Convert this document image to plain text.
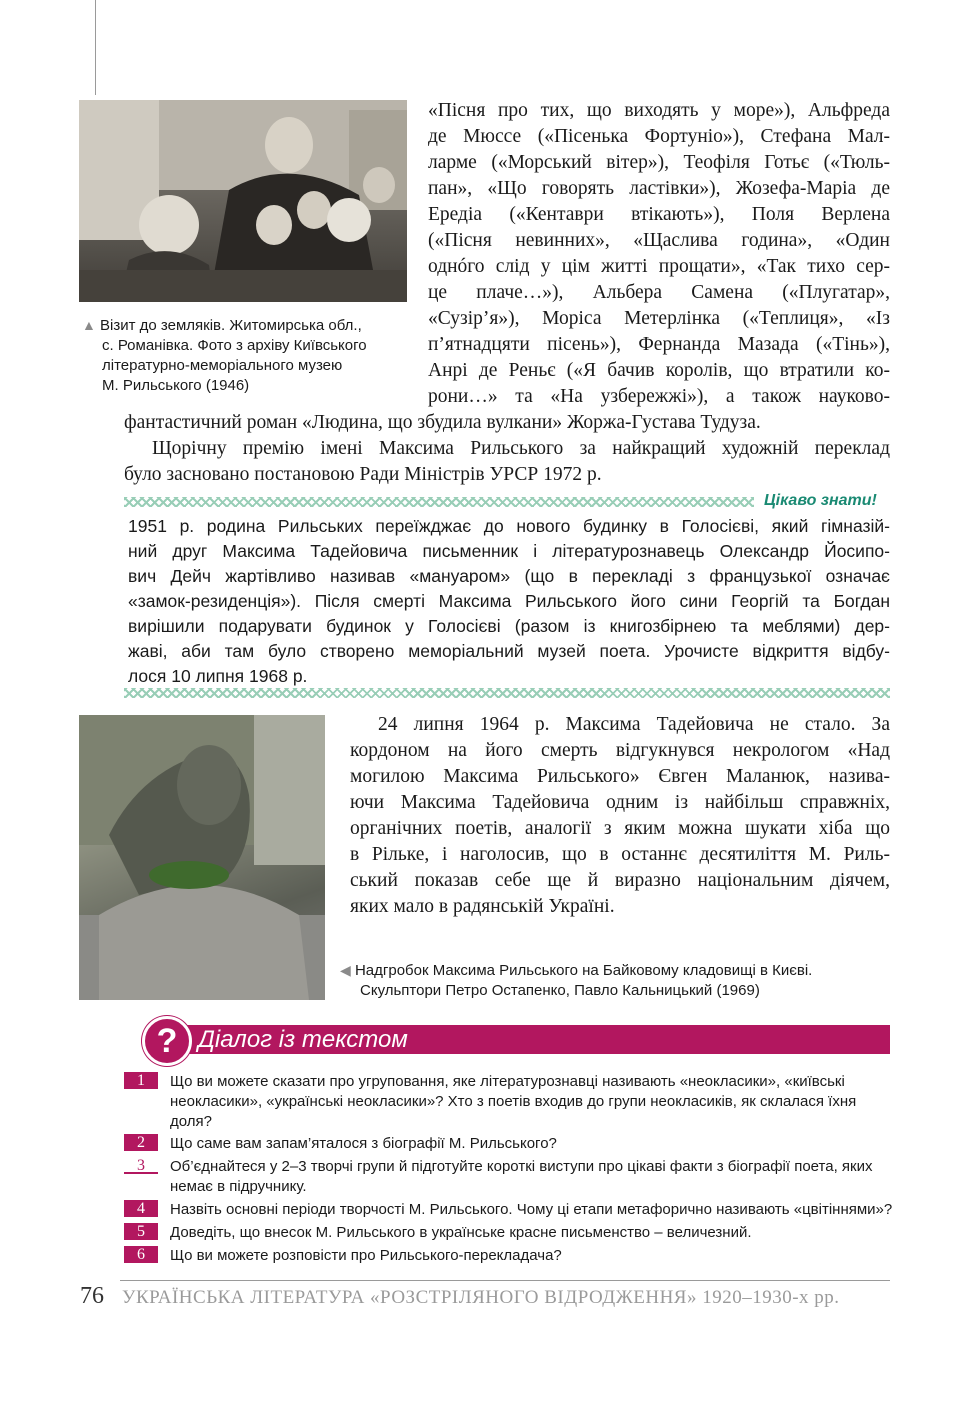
▲ Візит до земляків. Житомирська обл.,
с. Романівка. Фото з архіву Київського
літературно-меморіального музею
М. Рильського (1946)
«Пісня про тих, що виходять у море»), Альфреда
де Мюссе («Пісенька Фортуніо»), Стефана Мал-
ларме («Морський вітер»), Теофіля Готьє («Тюль-
пан», «Що говорять ластівки»), Жозефа-Маріа де
Ередіа («Кентаври втікають»), Поля Верлена
(«Пісня невинних», «Щаслива година», «Один
однóго слід у цім житті прощати», «Так тихо сер-
це плаче…»), Альбера Самена («Плугатар»,
«Сузір’я»), Моріса Метерлінка («Теплиця», «Із
п’ятнадцяти пісень»), Фернанда Мазада («Тінь»),
Анрі де Реньє («Я бачив королів, що втратили ко-
рони…» та «На узбережжі»), а також науково-
фантастичний роман «Людина, що збудила вулкани» Жоржа-Густава Тудуза.
Щорічну премію імені Максима Рильського за найкращий художній переклад
було засновано постановою Ради Міністрів УРСР 1972 р.
Цікаво знати!
1951 р. родина Рильських переїжджає до нового будинку в Голосієві, який гімназій-
ний друг Максима Тадейовича письменник і літературознавець Олександр Йосипо-
вич Дейч жартівливо називав «мануаром» (що в перекладі з французької означає
«замок-резиденція»). Після смерті Максима Рильського його сини Георгій та Богдан
вирішили подарувати будинок у Голосієві (разом із книгозбірнею та меблями) дер-
жаві, аби там було створено меморіальний музей поета. Урочисте відкриття відбу-
лося 10 липня 1968 р.
24 липня 1964 р. Максима Тадейовича не стало. За
кордоном на його смерть відгукнувся некрологом «Над
могилою Максима Рильського» Євген Маланюк, назива-
ючи Максима Тадейовича одним із найбільш справжніх,
органічних поетів, аналогії з яким можна шукати хіба що
в Рільке, і наголосив, що в останнє десятиліття М. Риль-
ський показав себе ще й виразно національним діячем,
яких мало в радянській Україні.
◀ Надгробок Максима Рильського на Байковому кладовищі в Києві.
Скульптори Петро Остапенко, Павло Кальницький (1969)
Діалог із текстом
?
1	Що ви можете сказати про угруповання, яке літературознавці називають «неокласики», «київські неокласики», «українські неокласики»? Хто з поетів входив до групи неокласиків, як склалася їхня доля?
2	Що саме вам запам’яталося з біографії М. Рильського?
3	Об’єднайтеся у 2–3 творчі групи й підготуйте короткі виступи про цікаві факти з біографії поета, яких немає в підручнику.
4	Назвіть основні періоди творчості М. Рильського. Чому ці етапи метафорично називають «цвітіннями»?
5	Доведіть, що внесок М. Рильського в українське красне письменство – величезний.
6	Що ви можете розповісти про Рильського-перекладача?
76 УКРАЇНСЬКА ЛІТЕРАТУРА «РОЗСТРІЛЯНОГО ВІДРОДЖЕННЯ» 1920–1930-х рр.
